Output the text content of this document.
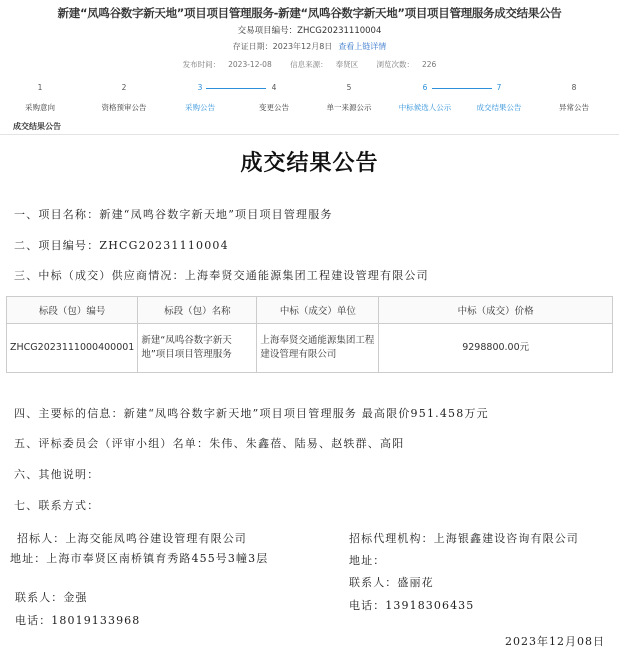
新建“凤鸣谷数字新天地”项目项目管理服务-新建“凤鸣谷数字新天地”项目项目管理服务成交结果公告
交易项目编号：ZHCG20231110004
存证日期：2023年12月8日 查看上链详情
发布时间： 2023-12-08 信息来源： 奉贤区 浏览次数： 226
1
采购意向
2
资格预审公告
3
采购公告
4
变更公告
5
单一来源公示
6
中标候选人公示
7
成交结果公告
8
异常公告
成交结果公告
成交结果公告
一、项目名称：新建“凤鸣谷数字新天地”项目项目管理服务
二、项目编号：ZHCG20231110004
三、中标（成交）供应商情况：上海奉贤交通能源集团工程建设管理有限公司
标段（包）编号	标段（包）名称	中标（成交）单位	中标（成交）价格
ZHCG2023111000400001	新建“凤鸣谷数字新天地”项目项目管理服务	上海奉贤交通能源集团工程建设管理有限公司	9298800.00元
四、主要标的信息：新建“凤鸣谷数字新天地”项目项目管理服务 最高限价951.458万元
五、评标委员会（评审小组）名单：朱伟、朱鑫蓓、陆易、赵轶群、高阳
六、其他说明：
七、联系方式：
招标人：上海交能凤鸣谷建设管理有限公司
地址：上海市奉贤区南桥镇育秀路455号3幢3层
联系人：金强
电话：18019133968
招标代理机构：上海银鑫建设咨询有限公司
地址：
联系人：盛丽花
电话：13918306435
2023年12月08日
